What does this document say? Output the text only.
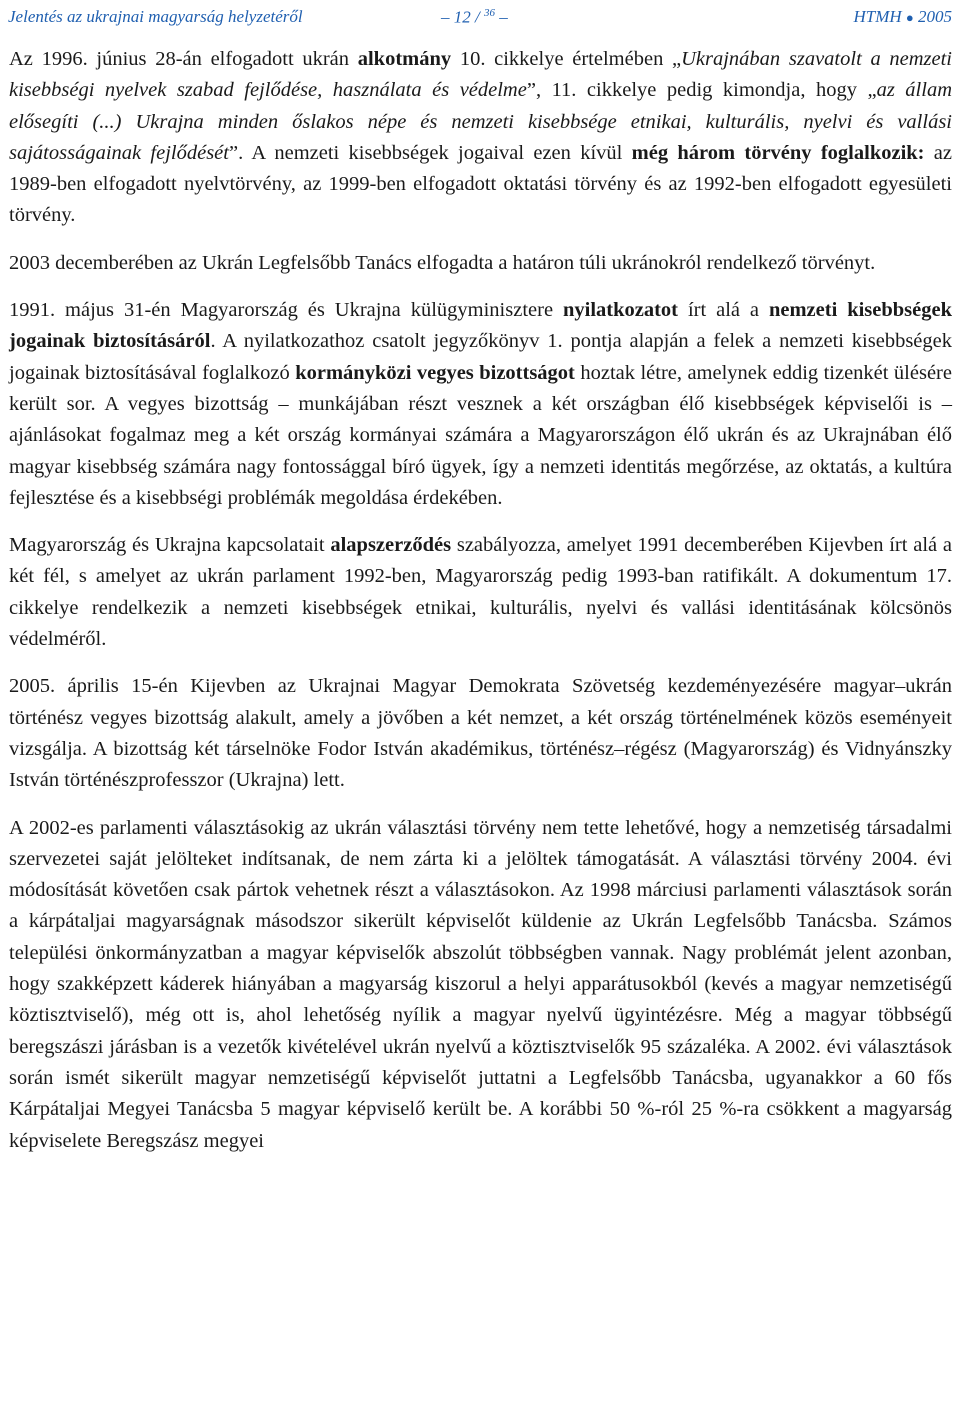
Jelentés az ukrajnai magyarság helyzetéről	– 12 / $^{36}$ –	HTMH ● 2005

Az 1996. június 28-án elfogadott ukrán alkotmány 10. cikkelye értelmében „Ukrajnában szavatolt a nemzeti kisebbségi nyelvek szabad fejlődése, használata és védelme”, 11. cikkelye pedig kimondja, hogy „az állam elősegíti (...) Ukrajna minden őslakos népe és nemzeti kisebbsége etnikai, kulturális, nyelvi és vallási sajátosságainak fejlődését”. A nemzeti kisebbségek jogaival ezen kívül még három törvény foglalkozik: az 1989-ben elfogadott nyelvtörvény, az 1999-ben elfogadott oktatási törvény és az 1992-ben elfogadott egyesületi törvény.

2003 decemberében az Ukrán Legfelsőbb Tanács elfogadta a határon túli ukránokról rendelkező törvényt.

1991. május 31-én Magyarország és Ukrajna külügyminisztere nyilatkozatot írt alá a nemzeti kisebbségek jogainak biztosításáról. A nyilatkozathoz csatolt jegyzőkönyv 1. pontja alapján a felek a nemzeti kisebbségek jogainak biztosításával foglalkozó kormányközi vegyes bizottságot hoztak létre, amelynek eddig tizenkét ülésére került sor. A vegyes bizottság – munkájában részt vesznek a két országban élő kisebbségek képviselői is – ajánlásokat fogalmaz meg a két ország kormányai számára a Magyarországon élő ukrán és az Ukrajnában élő magyar kisebbség számára nagy fontossággal bíró ügyek, így a nemzeti identitás megőrzése, az oktatás, a kultúra fejlesztése és a kisebbségi problémák megoldása érdekében.

Magyarország és Ukrajna kapcsolatait alapszerződés szabályozza, amelyet 1991 decemberében Kijevben írt alá a két fél, s amelyet az ukrán parlament 1992-ben, Magyarország pedig 1993-ban ratifikált. A dokumentum 17. cikkelye rendelkezik a nemzeti kisebbségek etnikai, kulturális, nyelvi és vallási identitásának kölcsönös védelméről.

2005. április 15-én Kijevben az Ukrajnai Magyar Demokrata Szövetség kezdeményezésére magyar–ukrán történész vegyes bizottság alakult, amely a jövőben a két nemzet, a két ország történelmének közös eseményeit vizsgálja. A bizottság két társelnöke Fodor István akadémikus, történész–régész (Magyarország) és Vidnyánszky István történészprofesszor (Ukrajna) lett.

A 2002-es parlamenti választásokig az ukrán választási törvény nem tette lehetővé, hogy a nemzetiség társadalmi szervezetei saját jelölteket indítsanak, de nem zárta ki a jelöltek támogatását. A választási törvény 2004. évi módosítását követően csak pártok vehetnek részt a választásokon. Az 1998 márciusi parlamenti választások során a kárpátaljai magyarságnak másodszor sikerült képviselőt küldenie az Ukrán Legfelsőbb Tanácsba. Számos települési önkormányzatban a magyar képviselők abszolút többségben vannak. Nagy problémát jelent azonban, hogy szakképzett káderek hiányában a magyarság kiszorul a helyi apparátusokból (kevés a magyar nemzetiségű köztisztviselő), még ott is, ahol lehetőség nyílik a magyar nyelvű ügyintézésre. Még a magyar többségű beregszászi járásban is a vezetők kivételével ukrán nyelvű a köztisztviselők 95 százaléka. A 2002. évi választások során ismét sikerült magyar nemzetiségű képviselőt juttatni a Legfelsőbb Tanácsba, ugyanakkor a 60 fős Kárpátaljai Megyei Tanácsba 5 magyar képviselő került be. A korábbi 50 %-ról 25 %-ra csökkent a magyarság képviselete Beregszász megyei
